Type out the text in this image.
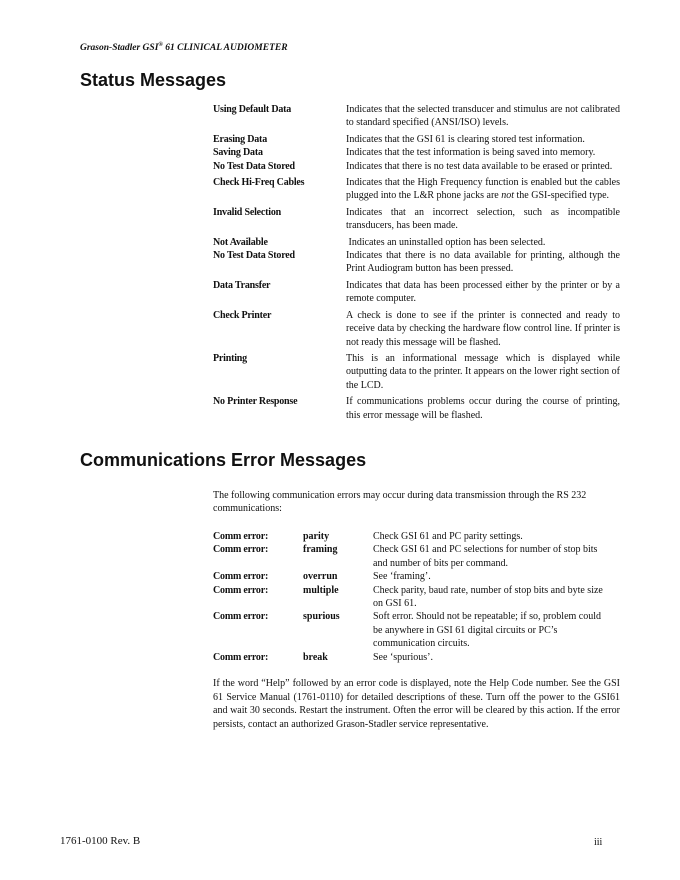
Grason-Stadler GSI® 61 CLINICAL AUDIOMETER
Status Messages
Using Default Data	Indicates that the selected transducer and stimulus are not calibrated to standard specified (ANSI/ISO) levels.
Erasing Data	Indicates that the GSI 61 is clearing stored test information.
Saving Data	Indicates that the test information is being saved into memory.
No Test Data Stored	Indicates that there is no test data available to be erased or printed.
Check Hi-Freq Cables	Indicates that the High Frequency function is enabled but the cables plugged into the L&R phone jacks are not the GSI-specified type.
Invalid Selection	Indicates that an incorrect selection, such as incompatible transducers, has been made.
Not Available	Indicates an uninstalled option has been selected.
No Test Data Stored	Indicates that there is no data available for printing, although the Print Audiogram button has been pressed.
Data Transfer	Indicates that data has been processed either by the printer or by a remote computer.
Check Printer	A check is done to see if the printer is connected and ready to receive data by checking the hardware flow control line. If printer is not ready this message will be flashed.
Printing	This is an informational message which is displayed while outputting data to the printer. It appears on the lower right section of the LCD.
No Printer Response	If communications problems occur during the course of printing, this error message will be flashed.
Communications Error Messages
The following communication errors may occur during data transmission through the RS 232 communications:
Comm error:	parity	Check GSI 61 and PC parity settings.
Comm error:	framing	Check GSI 61 and PC selections for number of stop bits and number of bits per command.
Comm error:	overrun	See ‘framing’.
Comm error:	multiple	Check parity, baud rate, number of stop bits and byte size on GSI 61.
Comm error:	spurious	Soft error. Should not be repeatable; if so, problem could be anywhere in GSI 61 digital circuits or PC’s communication circuits.
Comm error:	break	See ‘spurious’.
If the word “Help” followed by an error code is displayed, note the Help Code number. See the GSI 61 Service Manual (1761-0110) for detailed descriptions of these. Turn off the power to the GSI61 and wait 30 seconds. Restart the instrument. Often the error will be cleared by this action. If the error persists, contact an authorized Grason-Stadler service representative.
1761-0100 Rev. B	iii
